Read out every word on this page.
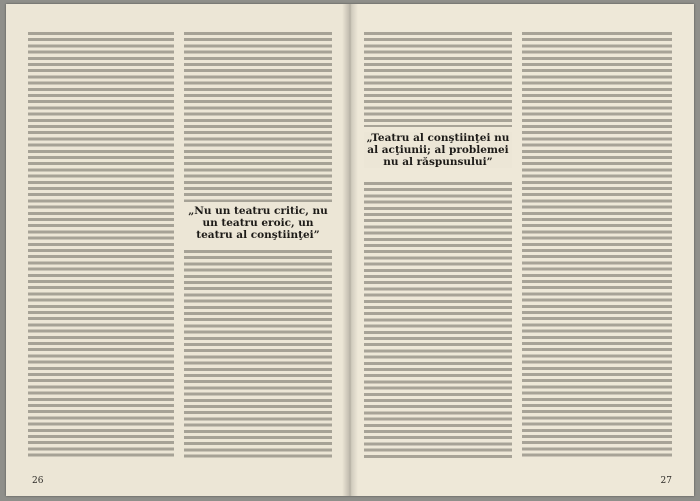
„Nu un teatru critic, nu un teatru eroic, un teatru al conştiinţei”
26
„Teatru al conştiinţei nu al acţiunii; al problemei nu al răspunsului”
27
